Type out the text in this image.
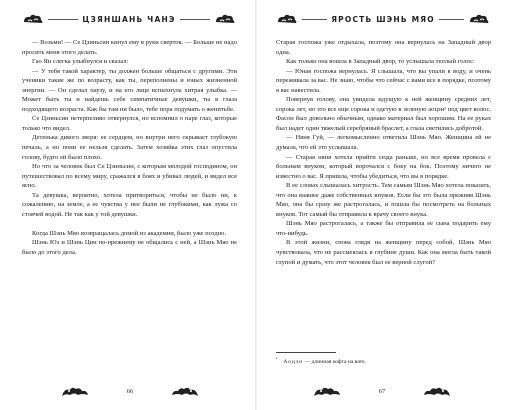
ЦЗЯНШАНЬ ЧАНЭ

— Возьми! — Се Цзиньсин кинул ему в руки сверток. — Больше не надо просить меня этого делать.

Гао Ян слегка улыбнулся и сказал:

— У тебя такой характер, ты должен больше общаться с другими. Эти ученики такие же по возрасту, как ты, переполнены и юных жизненной энергии. — Он сделал паузу, и на его лице вспыхнула хитрая улыбка. — Может быть ты и найдешь себе симпатичные девушки, ты в глаза подходящего возраста. Как бы там ни было, тебе пора подумать о женитьбе.

Се Цзиньсин нетерпеливо отвернулся, но вспомнил о паре глаз, которые только что видел.

Детенька дикого зверя: ее сердцем, но внутри него скрывает глубокую печаль, а но пони ее нельзя сделать. Затем хозяйка этих глаз опустила голову, будто ей было плохо.

Но что за человек был Се Цзиньсин, с которым молодой господином, он путешествовал по всему миру, сражался в боях и убивал людей, и видел все ясно.

Та девушка, вероятно, хотела притвориться, чтобы не было ни, к сожалению, на земле, а ее чувства у нее были не глубокими, как лужа со стоячей водой. Не так как у той девушки.

Когда Шэнь Мяо возвращалась домой из академии, было уже поздно.

Шэнь Юэ и Шэнь Цин по-прежнему не общались с ней, а Шэнь Мяо не было до этого дела.

66
ЯРОСТЬ ШЭНЬ МЯО

Старая госпожа уже отдыхала, поэтому она вернулась на Западный двор одна.

Как только она вошла в Западный двор, то услышала теплый голос:

— Юная госпожа вернулась. Я слышала, что вы упали в воду, и очень переживала за вас. Не знаю, чтобы что сейчас с вами все в порядке, поэтому я вас навестила.

Повернув голову, она увидела идущую к ней женщину средних лет, сорока лет, но это все еще сорока и одетую в зеленую аоцзи¹ под цвет волос. Фасон был довольно обычным, однако материал был хорошим. На ее руках был надет один тяжелый серебряный браслет, а глаза светились добротой.

— Няня Гуй, — легкомысленно ответила Шэнь Мяо. Женщина ей не думала, что ей это услышала.

— Старая няня хотела прийти сюда раньше, но все время провела с больным внуком, который ворочался с боку на бок. Поэтому ничего не известно о вас. Я пришла, чтобы убедиться, что вы в порядке.

В ее словах слышалась хитрость. Тем самым Шэнь Мяо хотела показать, что она важнее даже собственных внуков. Если бы это была прежняя Шэнь Мяо, она бы сразу же растрогалась, и пошла бы посмотреть на больных внуков. Тот самый бы отправила к врачу своего внука.

Шэнь Мяо растрогалась, а также бы отправила ее сына подарить ему что-нибудь.

В этой жизни, снова глядя на женщину перед собой, Шэнь Мяо чувствовала, что не рассмеялась в глубине души. Как она могла быть такой глупой и думать, что этот человек был ее верной слугой?

$^{^1}$Аоцзи — длинная кофта на вате.
67
